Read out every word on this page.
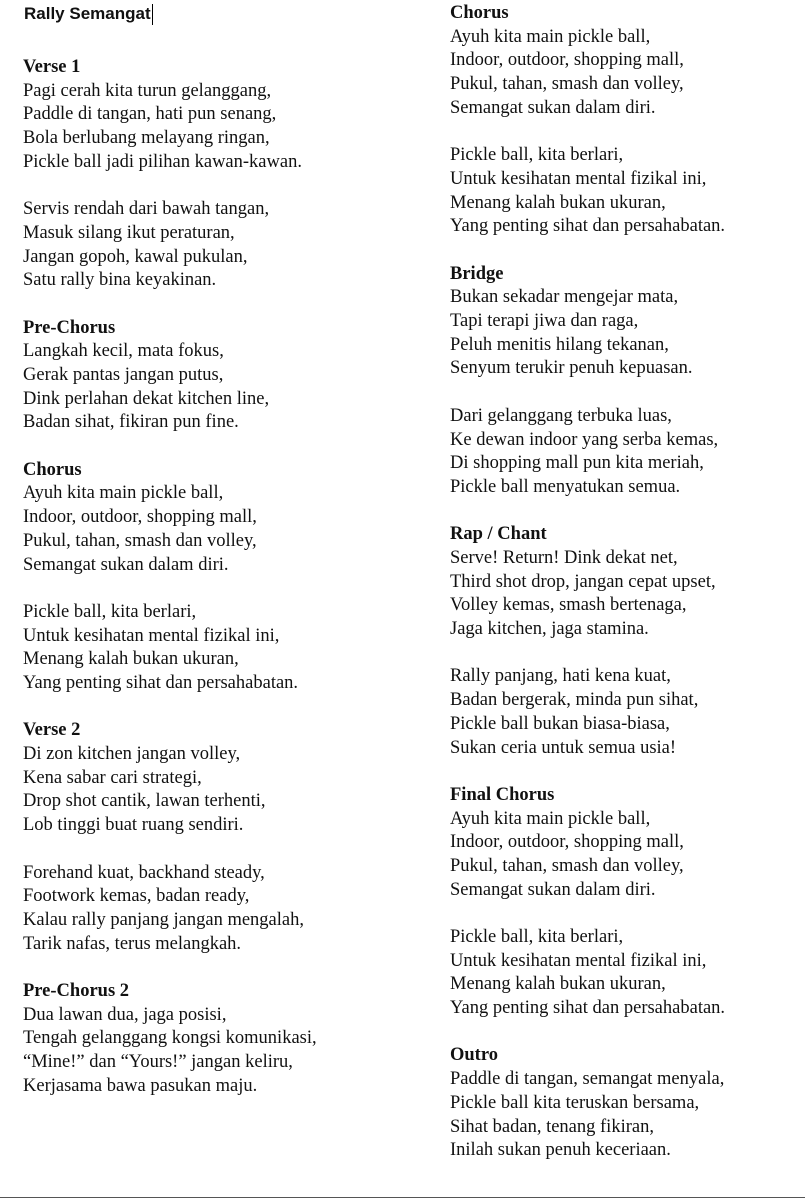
Rally Semangat
Verse 1
Pagi cerah kita turun gelanggang,
Paddle di tangan, hati pun senang,
Bola berlubang melayang ringan,
Pickle ball jadi pilihan kawan-kawan.
Servis rendah dari bawah tangan,
Masuk silang ikut peraturan,
Jangan gopoh, kawal pukulan,
Satu rally bina keyakinan.
Pre-Chorus
Langkah kecil, mata fokus,
Gerak pantas jangan putus,
Dink perlahan dekat kitchen line,
Badan sihat, fikiran pun fine.
Chorus
Ayuh kita main pickle ball,
Indoor, outdoor, shopping mall,
Pukul, tahan, smash dan volley,
Semangat sukan dalam diri.
Pickle ball, kita berlari,
Untuk kesihatan mental fizikal ini,
Menang kalah bukan ukuran,
Yang penting sihat dan persahabatan.
Verse 2
Di zon kitchen jangan volley,
Kena sabar cari strategi,
Drop shot cantik, lawan terhenti,
Lob tinggi buat ruang sendiri.
Forehand kuat, backhand steady,
Footwork kemas, badan ready,
Kalau rally panjang jangan mengalah,
Tarik nafas, terus melangkah.
Pre-Chorus 2
Dua lawan dua, jaga posisi,
Tengah gelanggang kongsi komunikasi,
“Mine!” dan “Yours!” jangan keliru,
Kerjasama bawa pasukan maju.
Chorus
Ayuh kita main pickle ball,
Indoor, outdoor, shopping mall,
Pukul, tahan, smash dan volley,
Semangat sukan dalam diri.
Pickle ball, kita berlari,
Untuk kesihatan mental fizikal ini,
Menang kalah bukan ukuran,
Yang penting sihat dan persahabatan.
Bridge
Bukan sekadar mengejar mata,
Tapi terapi jiwa dan raga,
Peluh menitis hilang tekanan,
Senyum terukir penuh kepuasan.
Dari gelanggang terbuka luas,
Ke dewan indoor yang serba kemas,
Di shopping mall pun kita meriah,
Pickle ball menyatukan semua.
Rap / Chant
Serve! Return! Dink dekat net,
Third shot drop, jangan cepat upset,
Volley kemas, smash bertenaga,
Jaga kitchen, jaga stamina.
Rally panjang, hati kena kuat,
Badan bergerak, minda pun sihat,
Pickle ball bukan biasa-biasa,
Sukan ceria untuk semua usia!
Final Chorus
Ayuh kita main pickle ball,
Indoor, outdoor, shopping mall,
Pukul, tahan, smash dan volley,
Semangat sukan dalam diri.
Pickle ball, kita berlari,
Untuk kesihatan mental fizikal ini,
Menang kalah bukan ukuran,
Yang penting sihat dan persahabatan.
Outro
Paddle di tangan, semangat menyala,
Pickle ball kita teruskan bersama,
Sihat badan, tenang fikiran,
Inilah sukan penuh keceriaan.
